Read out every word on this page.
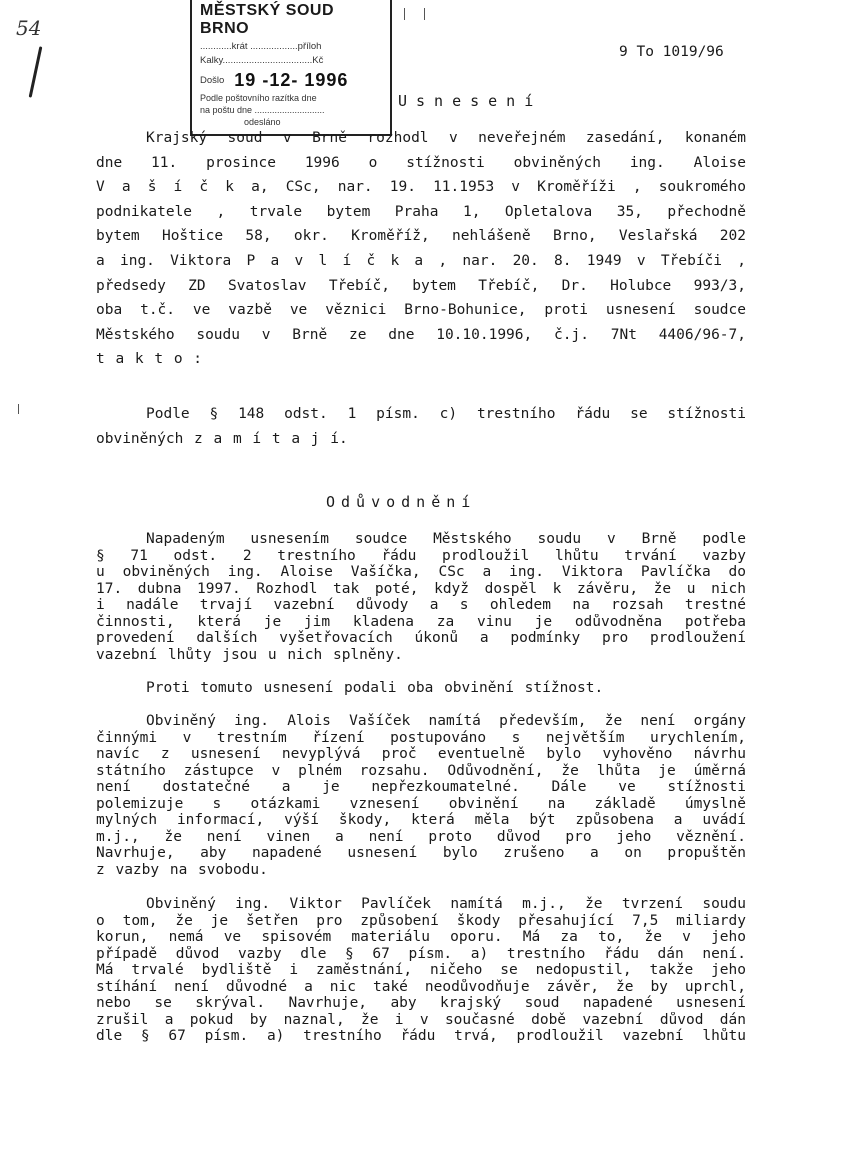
54
MĚSTSKÝ SOUD BRNO
............krát ..................příloh
Kalky..................................Kč
Došlo 19 -12- 1996
Podle poštovního razítka dne
na poštu dne ............................
odesláno
9 To 1019/96
Usnesení
Krajský soud v Brně rozhodl v neveřejném zasedání, konaném
dne 11. prosince 1996 o stížnosti obviněných ing. Aloise
V a š í č k a, CSc, nar. 19. 11.1953 v Kroměříži , soukromého
podnikatele , trvale bytem Praha 1, Opletalova 35, přechodně
bytem Hoštice 58, okr. Kroměříž, nehlášeně Brno, Veslařská 202
a ing. Viktora P a v l í č k a , nar. 20. 8. 1949 v Třebíči ,
předsedy ZD Svatoslav Třebíč, bytem Třebíč, Dr. Holubce 993/3,
oba t.č. ve vazbě ve věznici Brno-Bohunice, proti usnesení soudce
Městského soudu v Brně ze dne 10.10.1996, č.j. 7Nt 4406/96-7,
t a k t o :
Podle § 148 odst. 1 písm. c) trestního řádu se stížnosti
obviněných z a m í t a j í.
Odůvodnění
Napadeným usnesením soudce Městského soudu v Brně podle
§ 71 odst. 2 trestního řádu prodloužil lhůtu trvání vazby
u obviněných ing. Aloise Vašíčka, CSc a ing. Viktora Pavlíčka do
17. dubna 1997. Rozhodl tak poté, když dospěl k závěru, že u nich
i nadále trvají vazební důvody a s ohledem na rozsah trestné
činnosti, která je jim kladena za vinu je odůvodněna potřeba
provedení dalších vyšetřovacích úkonů a podmínky pro prodloužení
vazební lhůty jsou u nich splněny.
Proti tomuto usnesení podali oba obvinění stížnost.
Obviněný ing. Alois Vašíček namítá především, že není orgány
činnými v trestním řízení postupováno s největším urychlením,
navíc z usnesení nevyplývá proč eventuelně bylo vyhověno návrhu
státního zástupce v plném rozsahu. Odůvodnění, že lhůta je úměrná
není dostatečné a je nepřezkoumatelné. Dále ve stížnosti
polemizuje s otázkami vznesení obvinění na základě úmyslně
mylných informací, výší škody, která měla být způsobena a uvádí
m.j., že není vinen a není proto důvod pro jeho věznění.
Navrhuje, aby napadené usnesení bylo zrušeno a on propuštěn
z vazby na svobodu.
Obviněný ing. Viktor Pavlíček namítá m.j., že tvrzení soudu
o tom, že je šetřen pro způsobení škody přesahující 7,5 miliardy
korun, nemá ve spisovém materiálu oporu. Má za to, že v jeho
případě důvod vazby dle § 67 písm. a) trestního řádu dán není.
Má trvalé bydliště i zaměstnání, ničeho se nedopustil, takže jeho
stíhání není důvodné a nic také neodůvodňuje závěr, že by uprchl,
nebo se skrýval. Navrhuje, aby krajský soud napadené usnesení
zrušil a pokud by naznal, že i v současné době vazební důvod dán
dle § 67 písm. a) trestního řádu trvá, prodloužil vazební lhůtu
